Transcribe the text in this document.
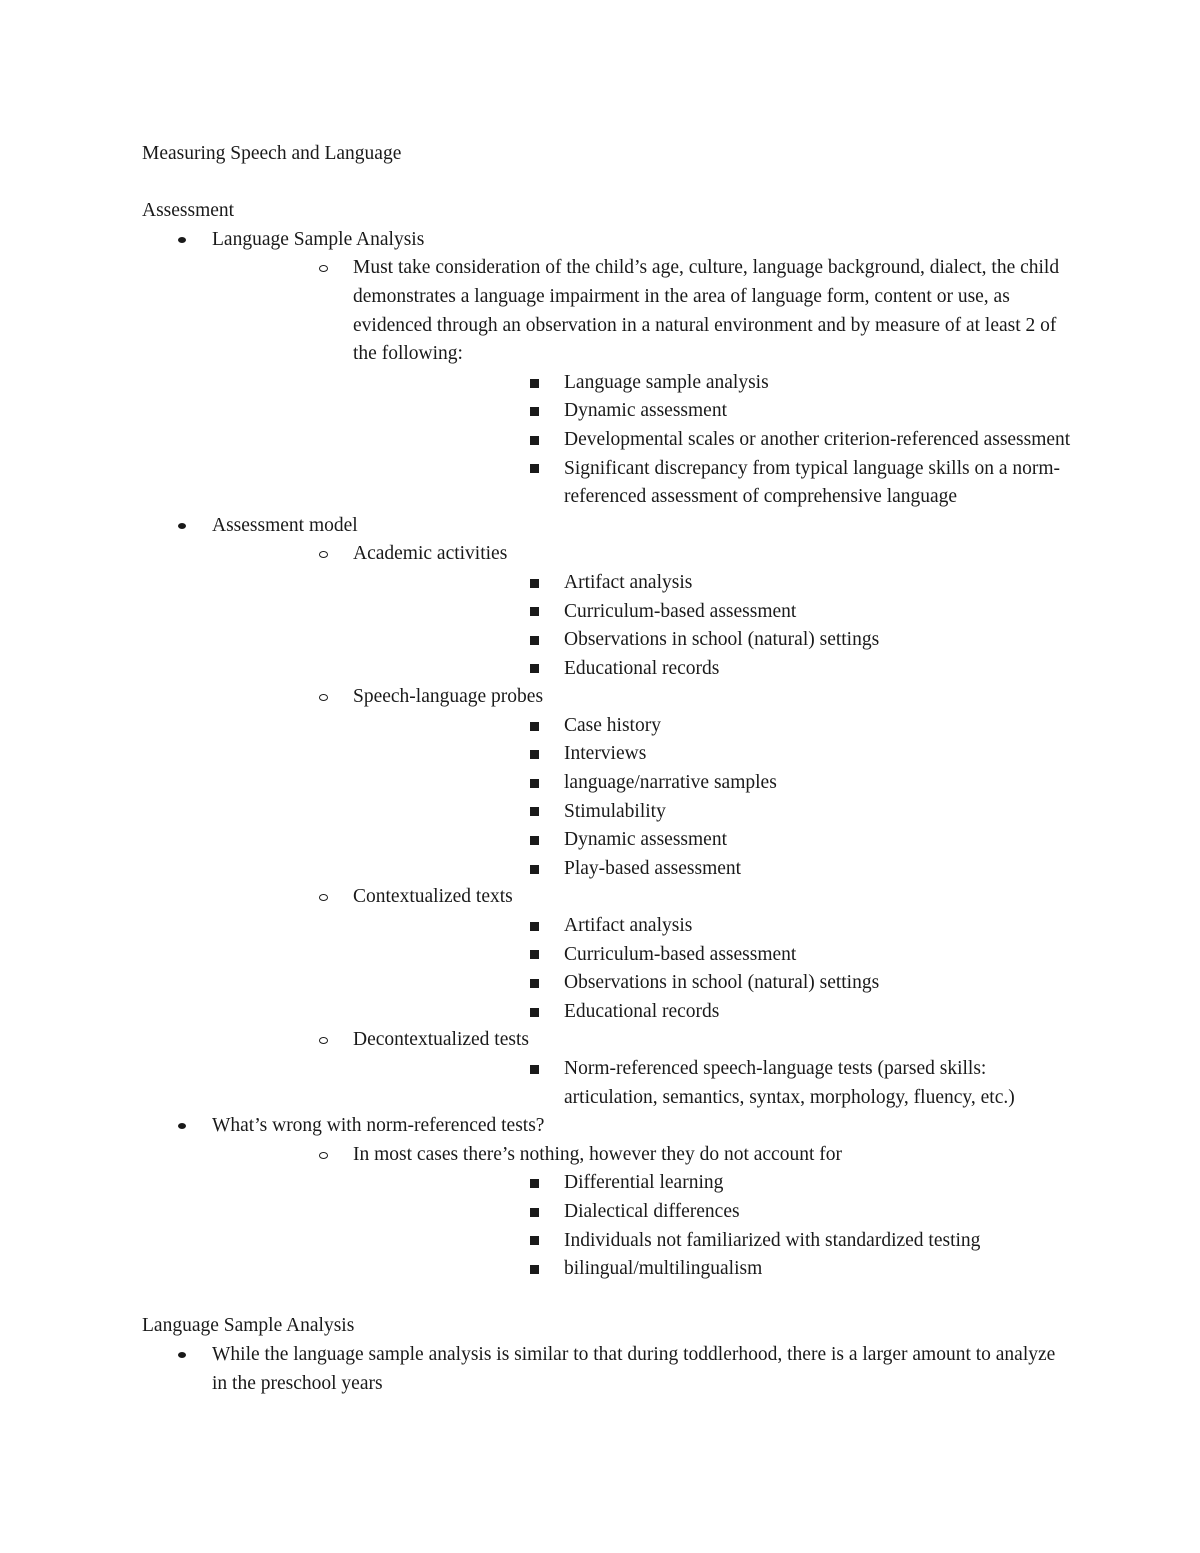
Measuring Speech and Language

Assessment

Language Sample Analysis
Must take consideration of the child’s age, culture, language background, dialect, the child demonstrates a language impairment in the area of language form, content or use, as evidenced through an observation in a natural environment and by measure of at least 2 of the following:
Language sample analysis
Dynamic assessment
Developmental scales or another criterion-referenced assessment
Significant discrepancy from typical language skills on a norm-referenced assessment of comprehensive language
Assessment model
Academic activities
Artifact analysis
Curriculum-based assessment
Observations in school (natural) settings
Educational records
Speech-language probes
Case history
Interviews
language/narrative samples
Stimulability
Dynamic assessment
Play-based assessment
Contextualized texts
Artifact analysis
Curriculum-based assessment
Observations in school (natural) settings
Educational records
Decontextualized tests
Norm-referenced speech-language tests (parsed skills: articulation, semantics, syntax, morphology, fluency, etc.)
What’s wrong with norm-referenced tests?
In most cases there’s nothing, however they do not account for
Differential learning
Dialectical differences
Individuals not familiarized with standardized testing
bilingual/multilingualism

Language Sample Analysis

While the language sample analysis is similar to that during toddlerhood, there is a larger amount to analyze in the preschool years
